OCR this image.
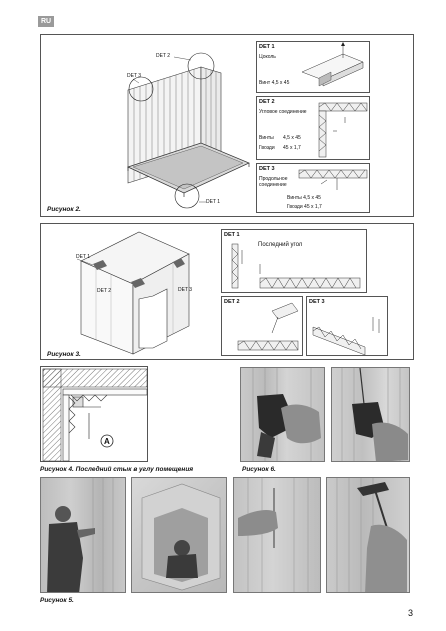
RU
DET 2
DET 3
DET 1
Рисунок 2.
DET 1
Цоколь
Винт 4,5 x 45
DET 2
Угловое соединение
Винты 4,5 x 45
Гвозди 45 x 1,7
DET 3
Продольное
соединение
Винты 4,5 x 45
Гвозди 45 x 1,7
DET 1
DET 2	DET 3
Рисунок 3.
DET 1
Последний угол
DET 2	DET 3
A
Рисунок 4. Последний стык в углу помещения	Рисунок 6.
Рисунок 5.
3
